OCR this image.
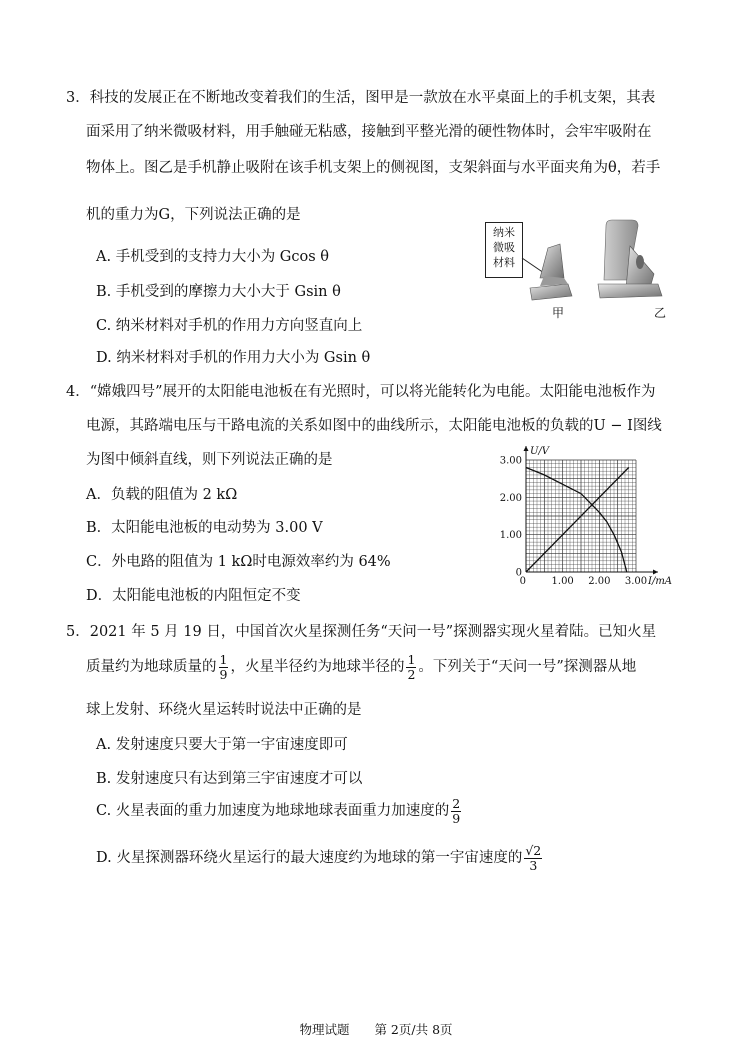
3．科技的发展正在不断地改变着我们的生活，图甲是一款放在水平桌面上的手机支架，其表
面采用了纳米微吸材料，用手触碰无粘感，接触到平整光滑的硬性物体时，会牢牢吸附在
物体上。图乙是手机静止吸附在该手机支架上的侧视图，支架斜面与水平面夹角为θ，若手
机的重力为G，下列说法正确的是
A. 手机受到的支持力大小为 Gcos θ
B. 手机受到的摩擦力大小大于 Gsin θ
C. 纳米材料对手机的作用力方向竖直向上
D. 纳米材料对手机的作用力大小为 Gsin θ
纳米
微吸
材料
甲	乙
4．“嫦娥四号”展开的太阳能电池板在有光照时，可以将光能转化为电能。太阳能电池板作为
电源，其路端电压与干路电流的关系如图中的曲线所示，太阳能电池板的负载的U − I图线
为图中倾斜直线，则下列说法正确的是
A．负载的阻值为 2 kΩ
B．太阳能电池板的电动势为 3.00 V
C．外电路的阻值为 1 kΩ时电源效率约为 64%
D．太阳能电池板的内阻恒定不变
0
1.00
2.00
3.00
0	1.00 2.00 3.00
U/V
I/mA
5．2021 年 5 月 19 日，中国首次火星探测任务“天问一号”探测器实现火星着陆。已知火星
质量约为地球质量的 $\frac{1}{9}$ ，火星半径约为地球半径的 $\frac{1}{2}$ 。下列关于“天问一号”探测器从地
球上发射、环绕火星运转时说法中正确的是
A. 发射速度只要大于第一宇宙速度即可
B. 发射速度只有达到第三宇宙速度才可以
C. 火星表面的重力加速度为地球地球表面重力加速度的 $\frac{2}{9}$
D. 火星探测器环绕火星运行的最大速度约为地球的第一宇宙速度的 $\frac{√2}{3}$
物理试题　　第 2页/共 8页
